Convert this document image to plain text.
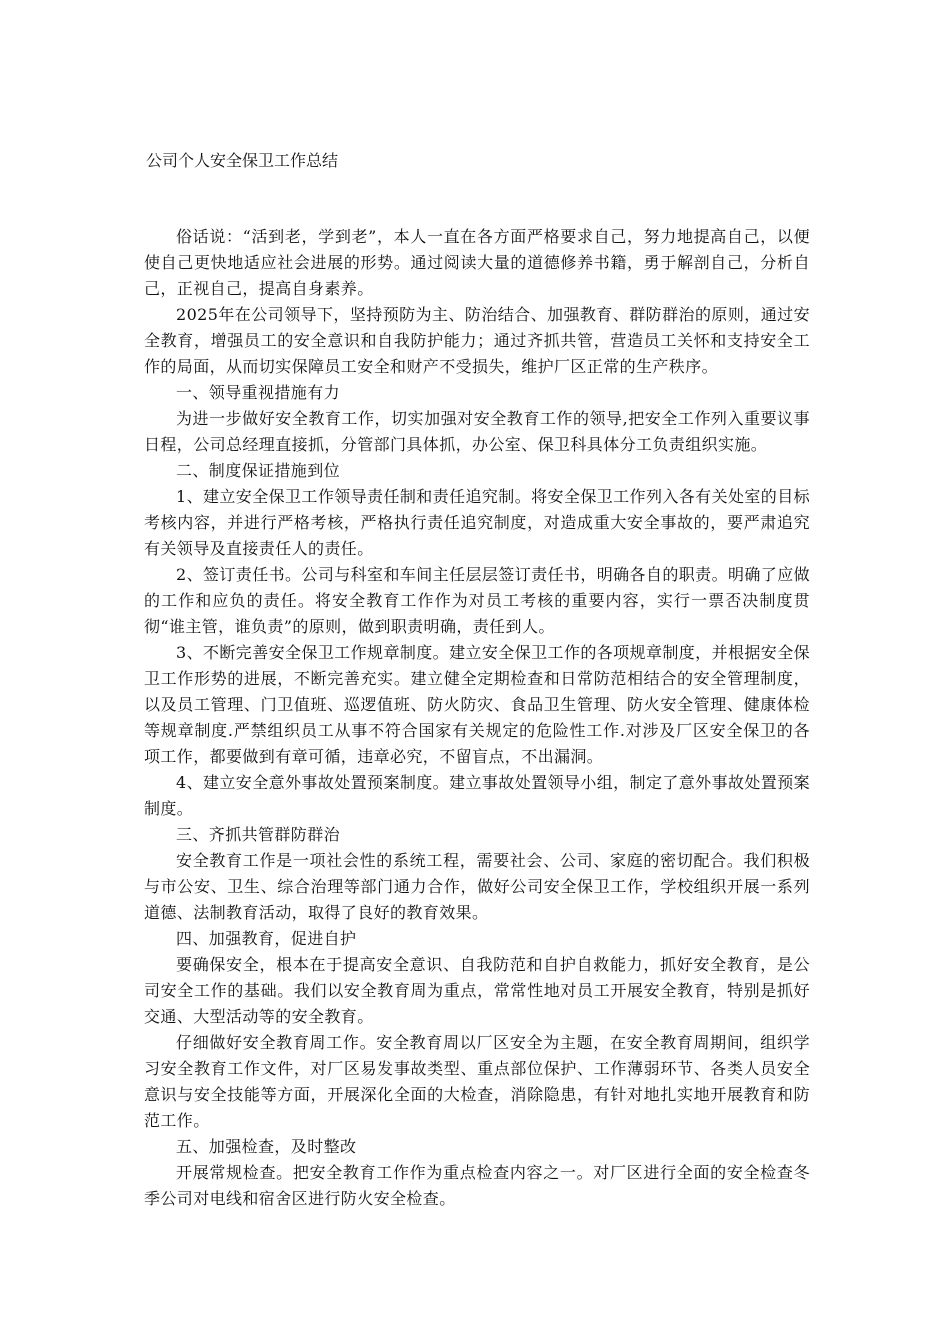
公司个人安全保卫工作总结

俗话说：“活到老，学到老”，本人一直在各方面严格要求自己，努力地提高自己，以便使自己更快地适应社会进展的形势。通过阅读大量的道德修养书籍，勇于解剖自己，分析自己，正视自己，提高自身素养。

2025年在公司领导下，坚持预防为主、防治结合、加强教育、群防群治的原则，通过安全教育，增强员工的安全意识和自我防护能力；通过齐抓共管，营造员工关怀和支持安全工作的局面，从而切实保障员工安全和财产不受损失，维护厂区正常的生产秩序。

一、领导重视措施有力

为进一步做好安全教育工作，切实加强对安全教育工作的领导,把安全工作列入重要议事日程，公司总经理直接抓，分管部门具体抓，办公室、保卫科具体分工负责组织实施。

二、制度保证措施到位

1、建立安全保卫工作领导责任制和责任追究制。将安全保卫工作列入各有关处室的目标考核内容，并进行严格考核，严格执行责任追究制度，对造成重大安全事故的，要严肃追究有关领导及直接责任人的责任。

2、签订责任书。公司与科室和车间主任层层签订责任书，明确各自的职责。明确了应做的工作和应负的责任。将安全教育工作作为对员工考核的重要内容，实行一票否决制度贯彻“谁主管，谁负责”的原则，做到职责明确，责任到人。

3、不断完善安全保卫工作规章制度。建立安全保卫工作的各项规章制度，并根据安全保卫工作形势的进展，不断完善充实。建立健全定期检查和日常防范相结合的安全管理制度，以及员工管理、门卫值班、巡逻值班、防火防灾、食品卫生管理、防火安全管理、健康体检等规章制度.严禁组织员工从事不符合国家有关规定的危险性工作.对涉及厂区安全保卫的各项工作，都要做到有章可循，违章必究，不留盲点，不出漏洞。

4、建立安全意外事故处置预案制度。建立事故处置领导小组，制定了意外事故处置预案制度。

三、齐抓共管群防群治

安全教育工作是一项社会性的系统工程，需要社会、公司、家庭的密切配合。我们积极与市公安、卫生、综合治理等部门通力合作，做好公司安全保卫工作，学校组织开展一系列道德、法制教育活动，取得了良好的教育效果。

四、加强教育，促进自护

要确保安全，根本在于提高安全意识、自我防范和自护自救能力，抓好安全教育，是公司安全工作的基础。我们以安全教育周为重点，常常性地对员工开展安全教育，特别是抓好交通、大型活动等的安全教育。

仔细做好安全教育周工作。安全教育周以厂区安全为主题，在安全教育周期间，组织学习安全教育工作文件，对厂区易发事故类型、重点部位保护、工作薄弱环节、各类人员安全意识与安全技能等方面，开展深化全面的大检查，消除隐患，有针对地扎实地开展教育和防范工作。

五、加强检查，及时整改

开展常规检查。把安全教育工作作为重点检查内容之一。对厂区进行全面的安全检查冬季公司对电线和宿舍区进行防火安全检查。
